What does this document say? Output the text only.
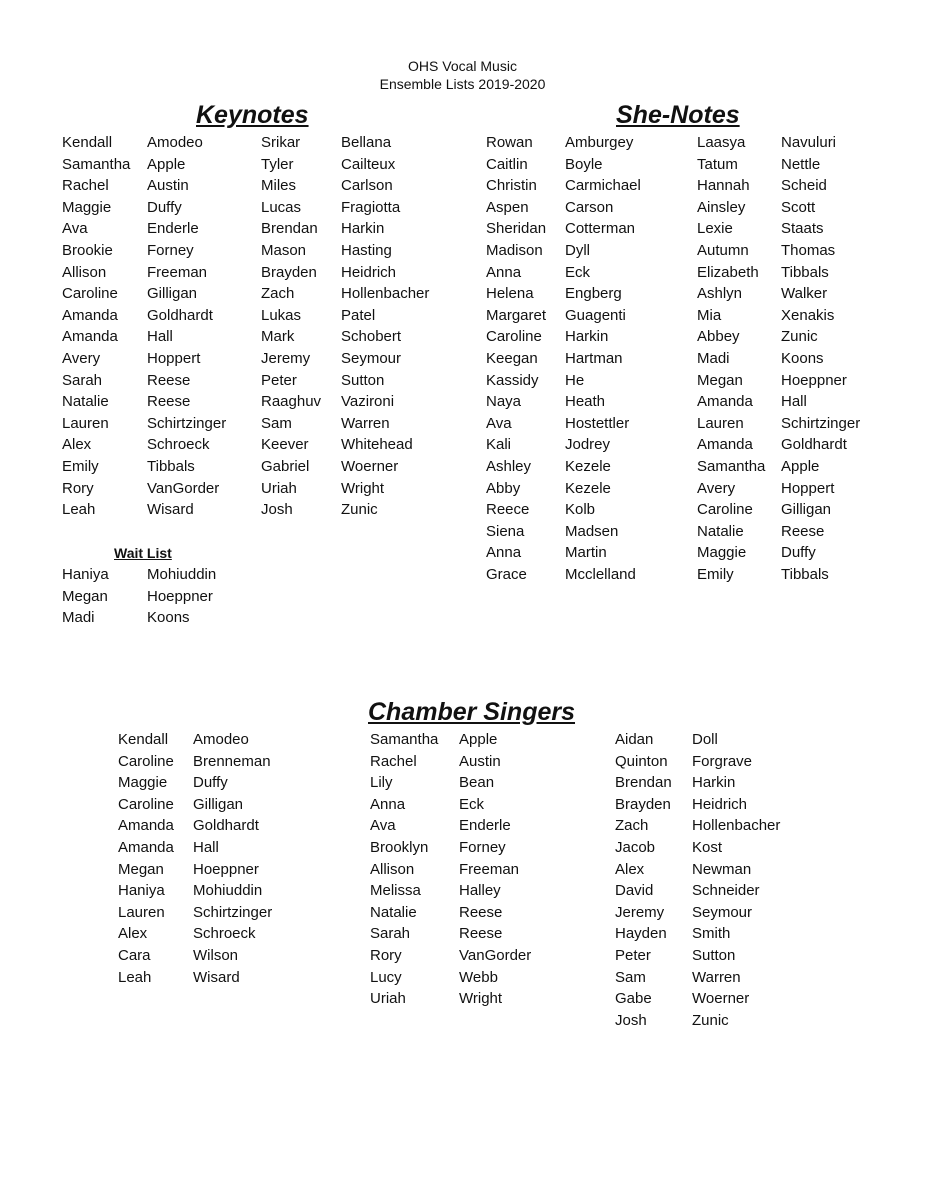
OHS Vocal Music
Ensemble Lists 2019-2020
Keynotes
Kendall
Samantha
Rachel
Maggie
Ava
Brookie
Allison
Caroline
Amanda
Amanda
Avery
Sarah
Natalie
Lauren
Alex
Emily
Rory
Leah
Amodeo
Apple
Austin
Duffy
Enderle
Forney
Freeman
Gilligan
Goldhardt
Hall
Hoppert
Reese
Reese
Schirtzinger
Schroeck
Tibbals
VanGorder
Wisard
Srikar
Tyler
Miles
Lucas
Brendan
Mason
Brayden
Zach
Lukas
Mark
Jeremy
Peter
Raaghuv
Sam
Keever
Gabriel
Uriah
Josh
Bellana
Cailteux
Carlson
Fragiotta
Harkin
Hasting
Heidrich
Hollenbacher
Patel
Schobert
Seymour
Sutton
Vazironi
Warren
Whitehead
Woerner
Wright
Zunic
Wait List
Haniya
Megan
Madi
Mohiuddin
Hoeppner
Koons
She-Notes
Rowan
Caitlin
Christin
Aspen
Sheridan
Madison
Anna
Helena
Margaret
Caroline
Keegan
Kassidy
Naya
Ava
Kali
Ashley
Abby
Reece
Siena
Anna
Grace
Amburgey
Boyle
Carmichael
Carson
Cotterman
Dyll
Eck
Engberg
Guagenti
Harkin
Hartman
He
Heath
Hostettler
Jodrey
Kezele
Kezele
Kolb
Madsen
Martin
Mcclelland
Laasya
Tatum
Hannah
Ainsley
Lexie
Autumn
Elizabeth
Ashlyn
Mia
Abbey
Madi
Megan
Amanda
Lauren
Amanda
Samantha
Avery
Caroline
Natalie
Maggie
Emily
Navuluri
Nettle
Scheid
Scott
Staats
Thomas
Tibbals
Walker
Xenakis
Zunic
Koons
Hoeppner
Hall
Schirtzinger
Goldhardt
Apple
Hoppert
Gilligan
Reese
Duffy
Tibbals
Chamber Singers
Kendall
Caroline
Maggie
Caroline
Amanda
Amanda
Megan
Haniya
Lauren
Alex
Cara
Leah
Amodeo
Brenneman
Duffy
Gilligan
Goldhardt
Hall
Hoeppner
Mohiuddin
Schirtzinger
Schroeck
Wilson
Wisard
Samantha
Rachel
Lily
Anna
Ava
Brooklyn
Allison
Melissa
Natalie
Sarah
Rory
Lucy
Uriah
Apple
Austin
Bean
Eck
Enderle
Forney
Freeman
Halley
Reese
Reese
VanGorder
Webb
Wright
Aidan
Quinton
Brendan
Brayden
Zach
Jacob
Alex
David
Jeremy
Hayden
Peter
Sam
Gabe
Josh
Doll
Forgrave
Harkin
Heidrich
Hollenbacher
Kost
Newman
Schneider
Seymour
Smith
Sutton
Warren
Woerner
Zunic
